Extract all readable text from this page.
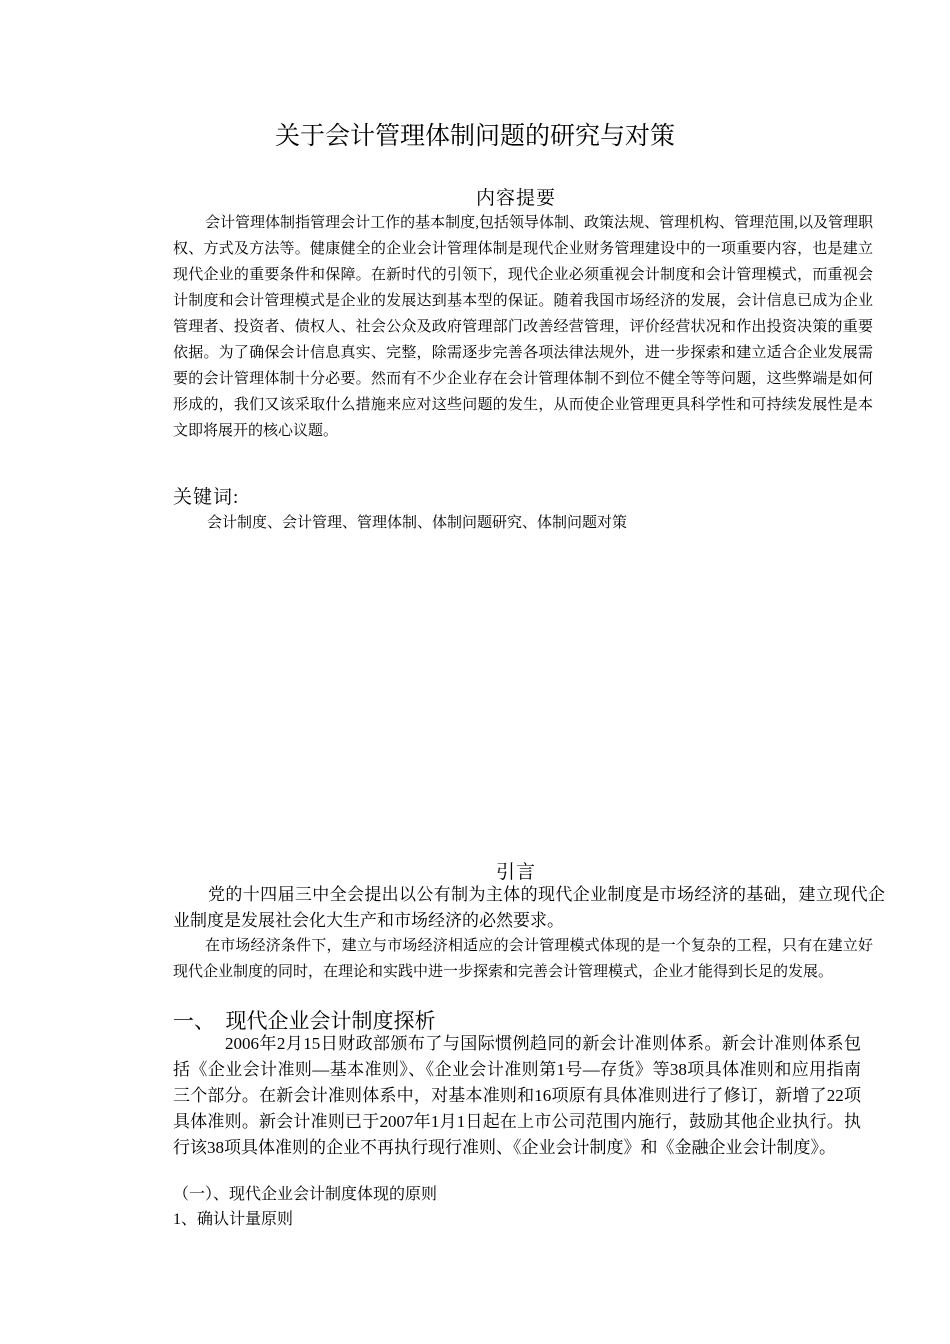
关于会计管理体制问题的研究与对策
内容提要

会计管理体制指管理会计工作的基本制度,包括领导体制、政策法规、管理机构、管理范围,以及管理职权、方式及方法等。健康健全的企业会计管理体制是现代企业财务管理建设中的一项重要内容，也是建立现代企业的重要条件和保障。在新时代的引领下，现代企业必须重视会计制度和会计管理模式，而重视会计制度和会计管理模式是企业的发展达到基本型的保证。随着我国市场经济的发展，会计信息已成为企业管理者、投资者、债权人、社会公众及政府管理部门改善经营管理，评价经营状况和作出投资决策的重要依据。为了确保会计信息真实、完整，除需逐步完善各项法律法规外，进一步探索和建立适合企业发展需要的会计管理体制十分必要。然而有不少企业存在会计管理体制不到位不健全等等问题，这些弊端是如何形成的，我们又该采取什么措施来应对这些问题的发生，从而使企业管理更具科学性和可持续发展性是本文即将展开的核心议题。

关键词:
会计制度、会计管理、管理体制、体制问题研究、体制问题对策
引言

党的十四届三中全会提出以公有制为主体的现代企业制度是市场经济的基础，建立现代企业制度是发展社会化大生产和市场经济的必然要求。

在市场经济条件下，建立与市场经济相适应的会计管理模式体现的是一个复杂的工程，只有在建立好现代企业制度的同时，在理论和实践中进一步探索和完善会计管理模式，企业才能得到长足的发展。

一、  现代企业会计制度探析

2006年2月15日财政部颁布了与国际惯例趋同的新会计准则体系。新会计准则体系包括《企业会计准则—基本准则》、《企业会计准则第1号—存货》等38项具体准则和应用指南三个部分。在新会计准则体系中，对基本准则和16项原有具体准则进行了修订，新增了22项具体准则。新会计准则已于2007年1月1日起在上市公司范围内施行，鼓励其他企业执行。执行该38项具体准则的企业不再执行现行准则、《企业会计制度》和《金融企业会计制度》。

（一）、现代企业会计制度体现的原则
1、确认计量原则
